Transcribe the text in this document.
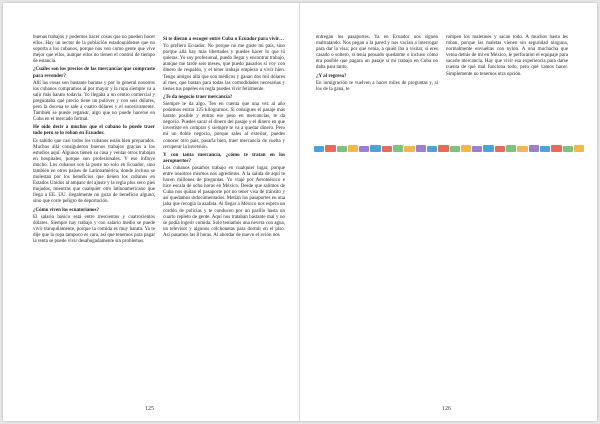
buenas trabajos y podemos hacer cosas que no pueden hacer ellos. Hay un sector de la población estadounidense que no soporta a los cubanos, porque nos ven como gente que vive mejor que ellos, aunque ellos no tienen el control de tiempo de estancia.

¿Cuáles son los precios de las mercancías que compraste para revender?

Allí las cosas son bastante baratas y por lo general nosotros los cubanos compramos al por mayor y la ropa siempre va a salir más barato todavía. Yo llegaba a un centro comercial y preguntaba qué precio tiene un pulóver y con seis dólares, pero la docena te sale a cuatro dólares y el sucesivamente. También se puede regatear, algo que no puede hacerse en Cuba en el mercado formal.

He oído decir a muchos que el cubano lo puede traer todo pero se lo roban en Ecuador.

Es sabido que casi todos los cubanos están bien preparados. Muchos allá consiguieron buenos trabajos gracias a los estudios aquí. Algunos tienen su casa y ventas otros trabajan en hospitales, porque son profesionales. Y eso influye mucho. Los cubanos son la poste no solo en Ecuador, sino también en otros países de Latinoamérica, donde incluso se molestan por los beneficios que tienen los cubanos en Estados Unidos al amparo del ajuste y la regla plus seco pies mojados, mientras que cualquier otro latinoamericano que llega a EE. UU. ilegalmente no goza de beneficio alguno, sino que corre peligro de deportación.

¿Cómo viven los ecuatorianos?

El salario básico está entre trescientos y cuatrocientos dólares. Siempre hay trabajo y con salario medio se puede vivir tranquilamente, porque la comida es muy barata. Ya te dije que la ropa tampoco es cara, así que tenemos para pagar la renta se puede vivir desahogadamente sin problemas.

Si te dieran a escoger entre Cuba o Ecuador para vivir…

Yo prefiero Ecuador. No porque no me guste mi país, sino porque allá hay más libertades y puedes hacer lo que tú quieras. Yo soy profesional, puedo llegar y encontrar trabajo, aunque me tarde seis meses, que puedo pasarlos si voy con dinero de respaldo, y el tener trabajo empiezo a vivir bien. Tengo amigos allá que son médicos y ganan dos mil dólares al mes, que bastan para todas las comodidades necesarias y tienes tus papeles en regla puedes vivir felizmente.

¿Te da negocio traer mercancía?

Siempre te da algo. Ten en cuenta que una vez al año podemos entrar 125 kilogramos. Si consigues el pasaje más barato posible y entras ese peso en mercancías, te da negocio. Puedes sacar el dinero del pasaje y el dinero en que invertiste en comprar y siempre te va a quedar dinero. Pero mí un doble negocio, porque sales al exterior, puedes conocer otro país, pasarla bien, traer mercancía de vuelta y recuperar la inversión.

Y con tanta mercancía, ¿cómo te tratan en los aeropuertos?

Los cubanos pasamos trabajo en cualquier lugar, porque entre nosotros mismos nos agredimos. A la salida de aquí te hacen millones de preguntas. Yo viajé por Aeroméxico e hice escala de ocho horas en México. Desde que salimos de Cuba nos quitan el pasaporte por no tener visa de tránsito y así quedamos indocumentados. Metían los pasaportes en una jaba que recogía la azafata. Al llegar a México nos espera un cordón de policías y te conducen por un pasillo hasta un cuarto repleto de gente. Aquí nos trataban bastante mal y no se podía ingerir comida. Solo teníamos una nevera con agua, un televisor y algunos colchonetas para dormir en el piso. Así pasamos las 8 horas. Al abordar de nuevo el avión nos

125

entregan los pasaportes. Ya en Ecuador nos siguen maltratando. Nos pegan a la pared y nos vacían a interrogar para dar la visa; por qué venía, a quién iba a visitar, si eres casado o soltero, si tenía pensado quedarme o incluso cómo era posible que pagara un pasaje si mi trabajo en Cuba no daba para tanto.

¿Y al regreso?

En inmigración te vuelven a hacer miles de preguntas y, si los de la gana, te

rompen los maletines y sacan todo. A muchos hasta les roban, porque las maletas vienen sin seguridad ninguna, normalmente envueltas con nylon. A una muchacha que venía detrás de mí en México, le perforaron el equipaje para sacarle mercancía. Hay que vivir esa experiencia para darse cuenta de qué mal funciona todo, pero qué vamos hacer. Simplemente no tenemos otra opción.

126
